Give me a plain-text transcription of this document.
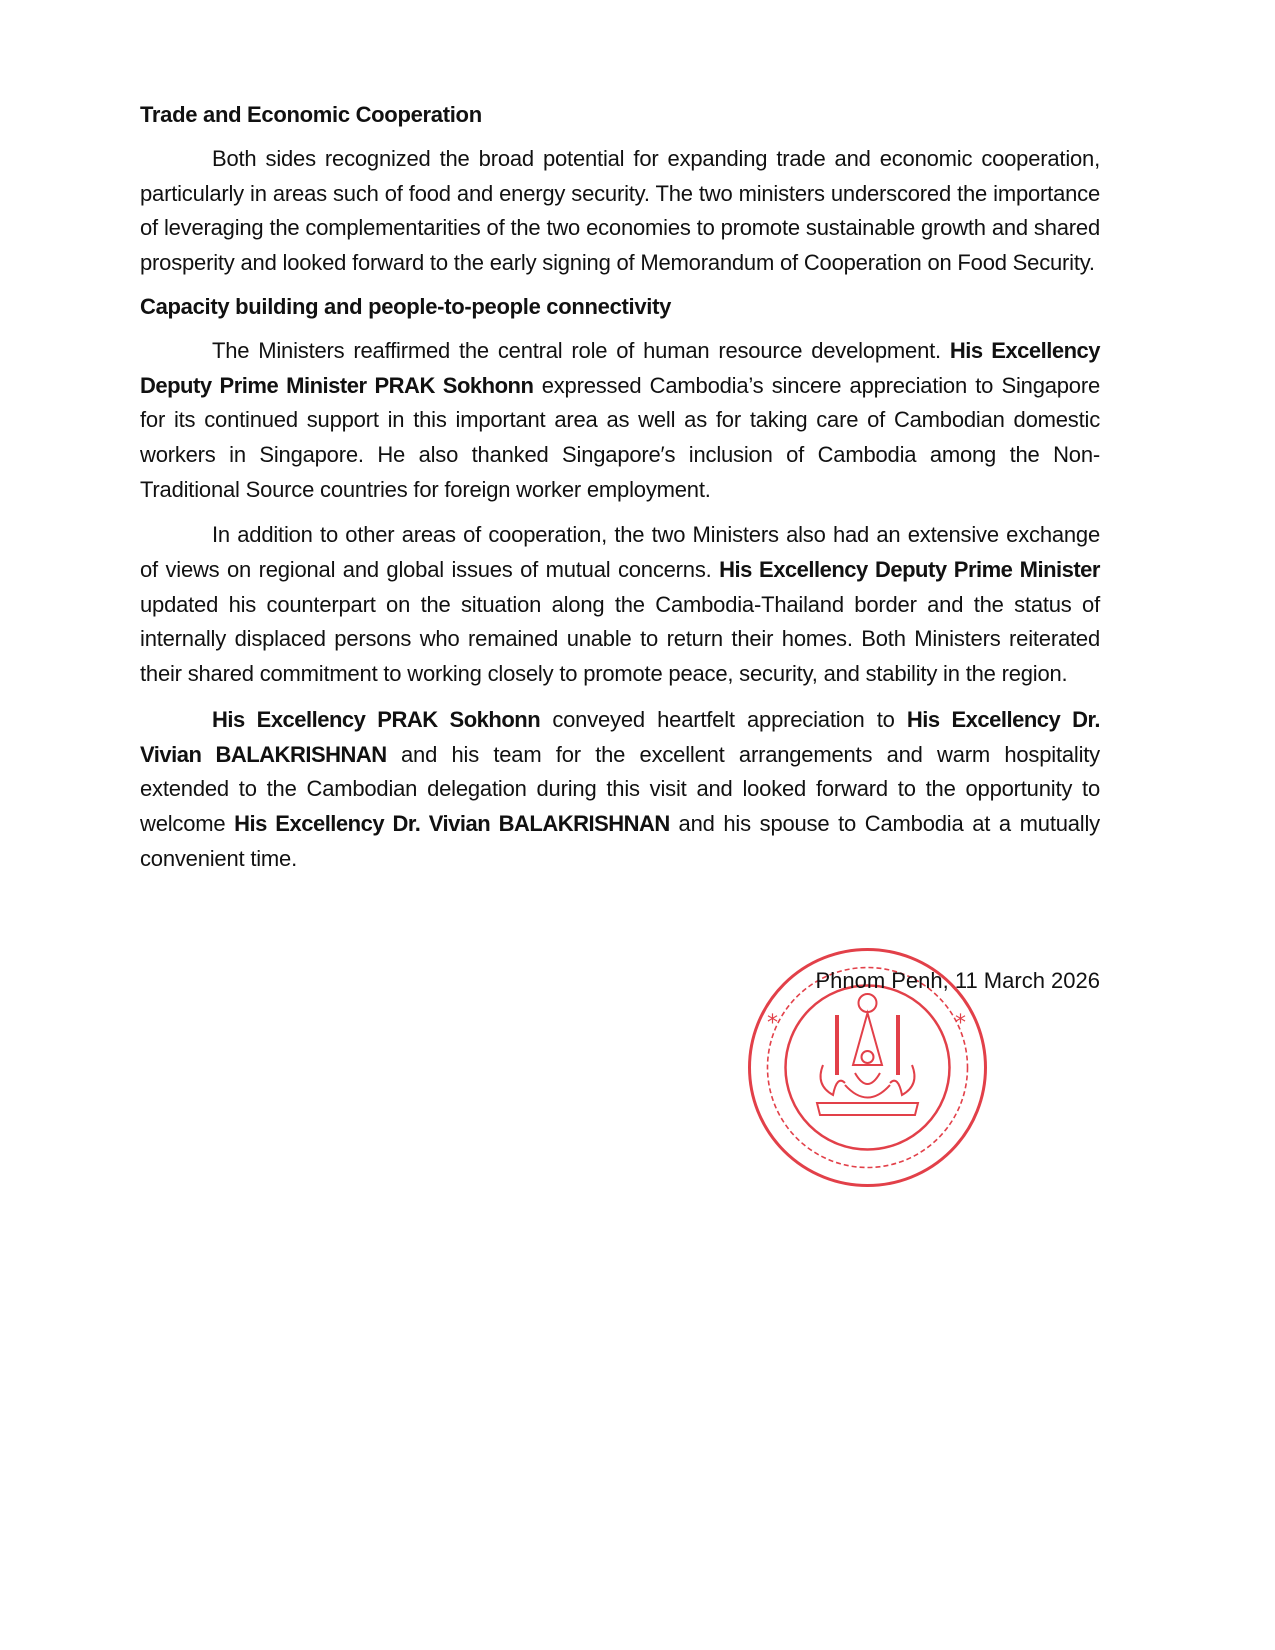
Trade and Economic Cooperation

Both sides recognized the broad potential for expanding trade and economic cooperation, particularly in areas such of food and energy security. The two ministers underscored the importance of leveraging the complementarities of the two economies to promote sustainable growth and shared prosperity and looked forward to the early signing of Memorandum of Cooperation on Food Security.

Capacity building and people-to-people connectivity

The Ministers reaffirmed the central role of human resource development. His Excellency Deputy Prime Minister PRAK Sokhonn expressed Cambodia’s sincere appreciation to Singapore for its continued support in this important area as well as for taking care of Cambodian domestic workers in Singapore. He also thanked Singapore′s inclusion of Cambodia among the Non-Traditional Source countries for foreign worker employment.

In addition to other areas of cooperation, the two Ministers also had an extensive exchange of views on regional and global issues of mutual concerns. His Excellency Deputy Prime Minister updated his counterpart on the situation along the Cambodia-Thailand border and the status of internally displaced persons who remained unable to return their homes. Both Ministers reiterated their shared commitment to working closely to promote peace, security, and stability in the region.

His Excellency PRAK Sokhonn conveyed heartfelt appreciation to His Excellency Dr. Vivian BALAKRISHNAN and his team for the excellent arrangements and warm hospitality extended to the Cambodian delegation during this visit and looked forward to the opportunity to welcome His Excellency Dr. Vivian BALAKRISHNAN and his spouse to Cambodia at a mutually convenient time.

Phnom Penh, 11 March 2026
*	*
